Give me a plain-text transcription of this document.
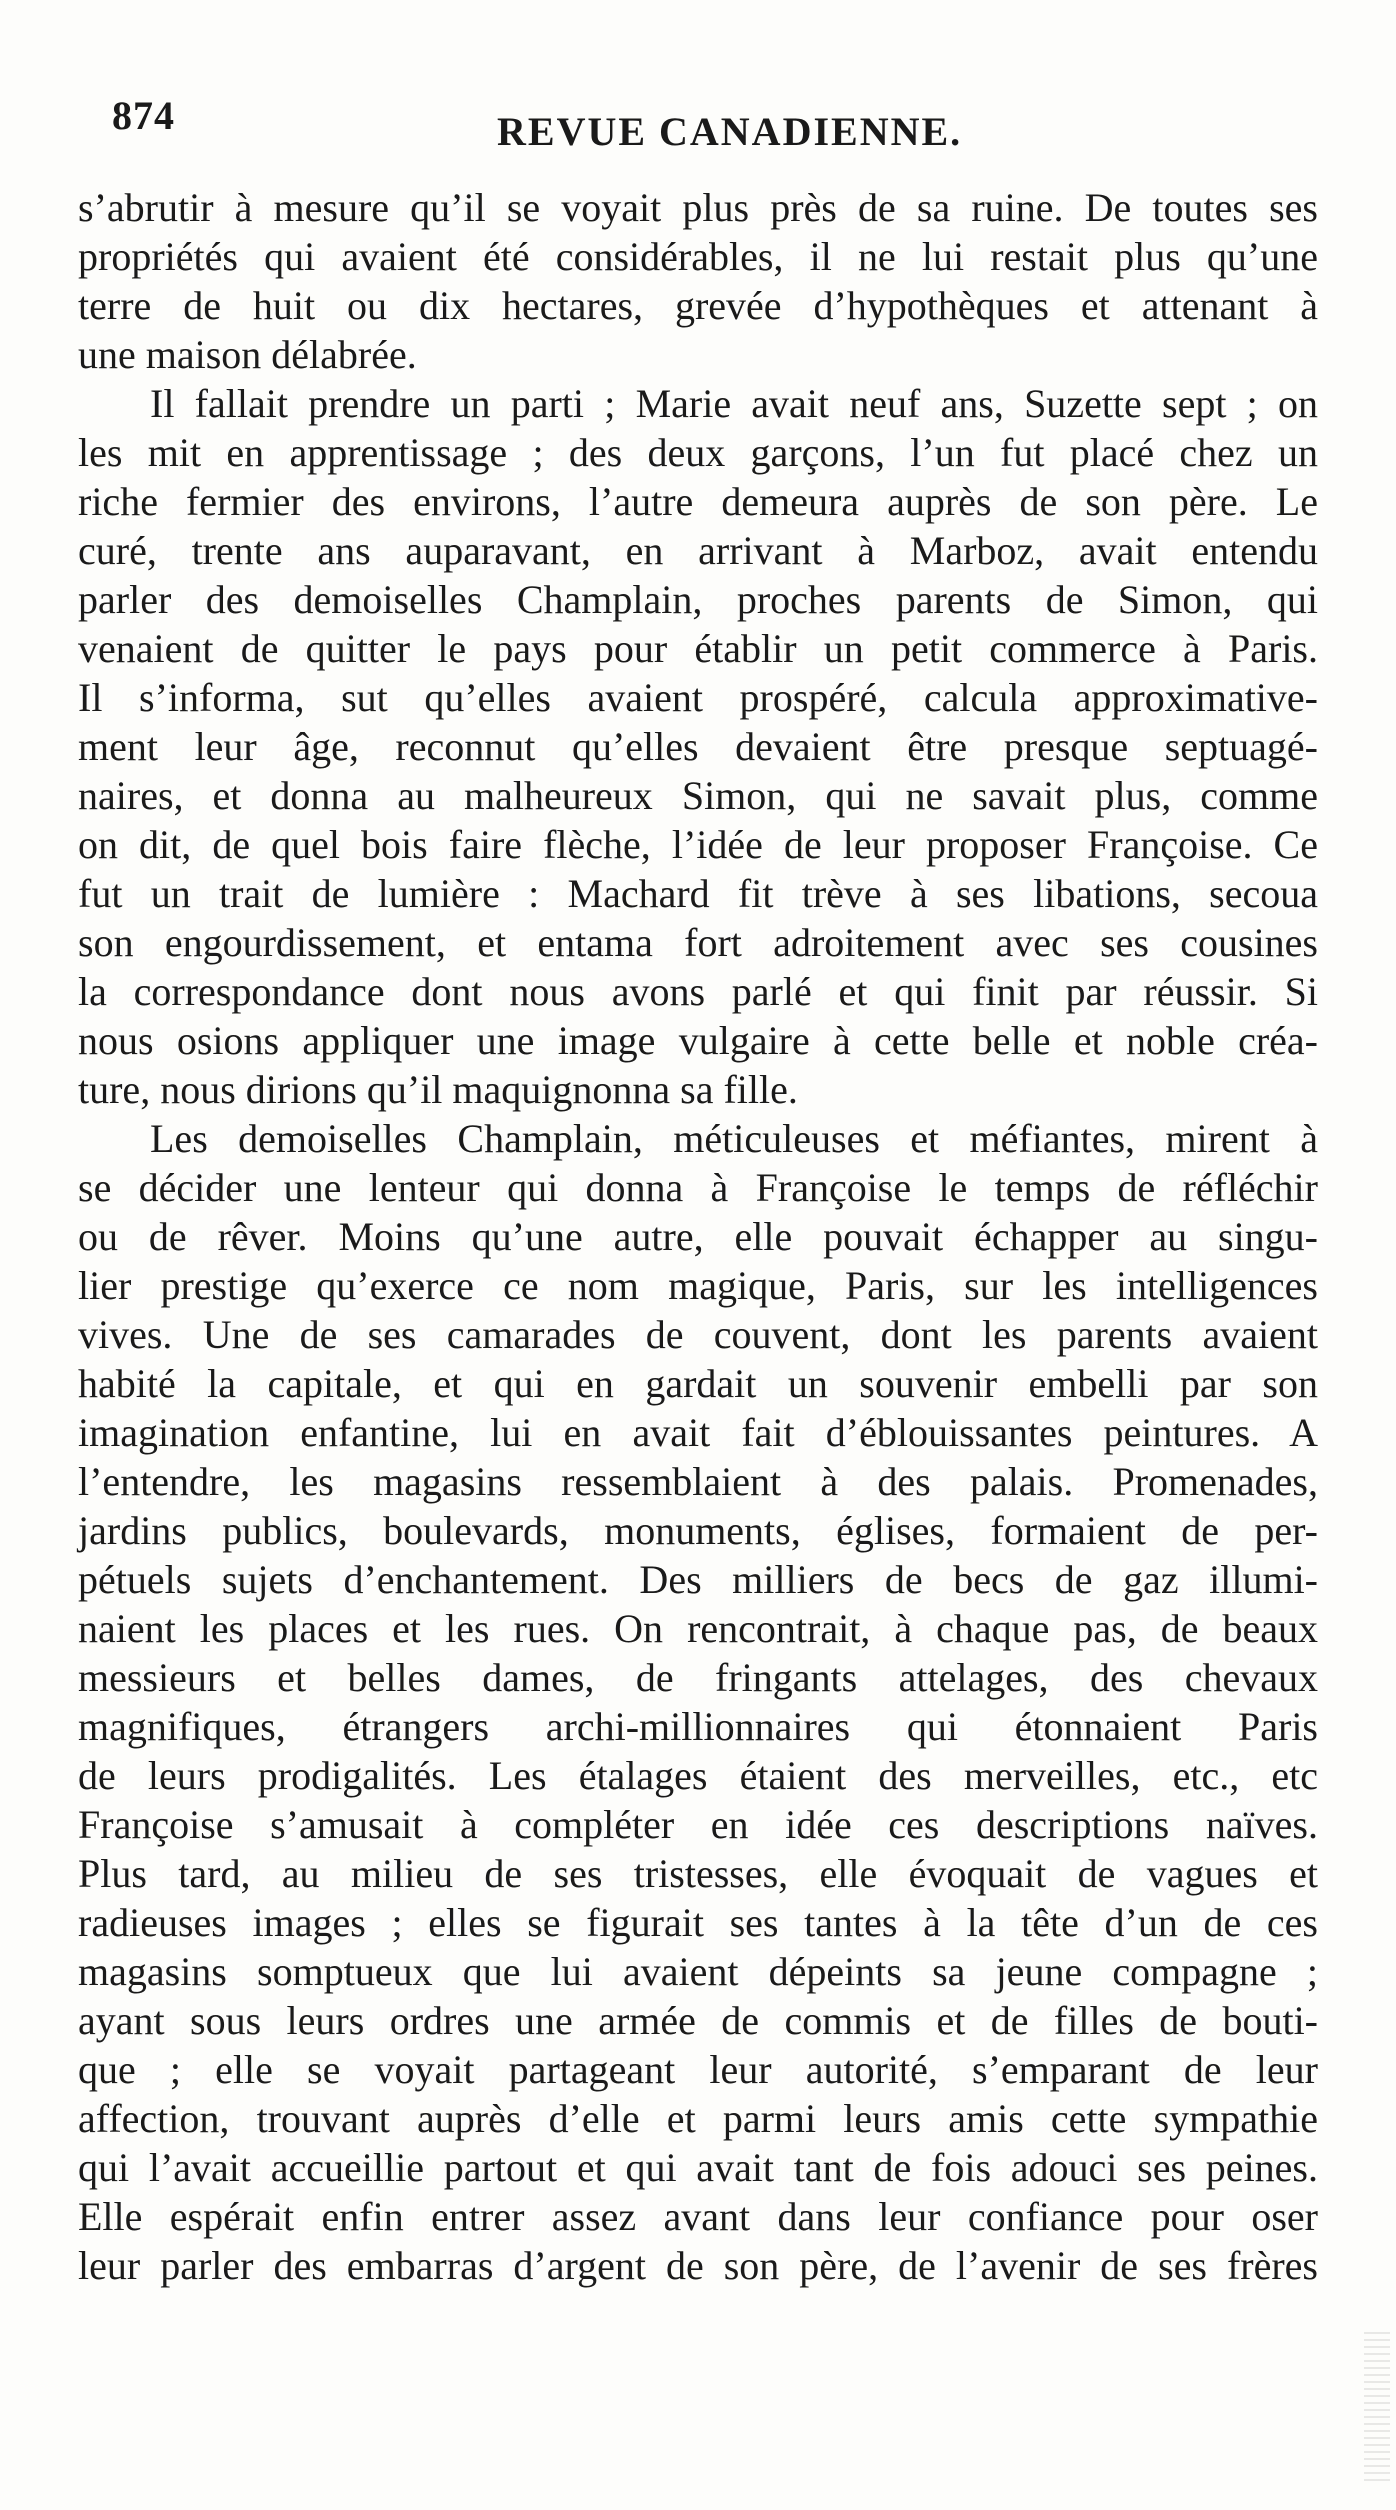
874	REVUE CANADIENNE.
s’abrutir à mesure qu’il se voyait plus près de sa ruine. De toutes ses
propriétés qui avaient été considérables, il ne lui restait plus qu’une
terre de huit ou dix hectares, grevée d’hypothèques et attenant à
une maison délabrée.
Il fallait prendre un parti ; Marie avait neuf ans, Suzette sept ; on
les mit en apprentissage ; des deux garçons, l’un fut placé chez un
riche fermier des environs, l’autre demeura auprès de son père. Le
curé, trente ans auparavant, en arrivant à Marboz, avait entendu
parler des demoiselles Champlain, proches parents de Simon, qui
venaient de quitter le pays pour établir un petit commerce à Paris.
Il s’informa, sut qu’elles avaient prospéré, calcula approximative-
ment leur âge, reconnut qu’elles devaient être presque septuagé-
naires, et donna au malheureux Simon, qui ne savait plus, comme
on dit, de quel bois faire flèche, l’idée de leur proposer Françoise. Ce
fut un trait de lumière : Machard fit trève à ses libations, secoua
son engourdissement, et entama fort adroitement avec ses cousines
la correspondance dont nous avons parlé et qui finit par réussir. Si
nous osions appliquer une image vulgaire à cette belle et noble créa-
ture, nous dirions qu’il maquignonna sa fille.
Les demoiselles Champlain, méticuleuses et méfiantes, mirent à
se décider une lenteur qui donna à Françoise le temps de réfléchir
ou de rêver. Moins qu’une autre, elle pouvait échapper au singu-
lier prestige qu’exerce ce nom magique, Paris, sur les intelligences
vives. Une de ses camarades de couvent, dont les parents avaient
habité la capitale, et qui en gardait un souvenir embelli par son
imagination enfantine, lui en avait fait d’éblouissantes peintures. A
l’entendre, les magasins ressemblaient à des palais. Promenades,
jardins publics, boulevards, monuments, églises, formaient de per-
pétuels sujets d’enchantement. Des milliers de becs de gaz illumi-
naient les places et les rues. On rencontrait, à chaque pas, de beaux
messieurs et belles dames, de fringants attelages, des chevaux
magnifiques, étrangers archi-millionnaires qui étonnaient Paris
de leurs prodigalités. Les étalages étaient des merveilles, etc., etc
Françoise s’amusait à compléter en idée ces descriptions naïves.
Plus tard, au milieu de ses tristesses, elle évoquait de vagues et
radieuses images ; elles se figurait ses tantes à la tête d’un de ces
magasins somptueux que lui avaient dépeints sa jeune compagne ;
ayant sous leurs ordres une armée de commis et de filles de bouti-
que ; elle se voyait partageant leur autorité, s’emparant de leur
affection, trouvant auprès d’elle et parmi leurs amis cette sympathie
qui l’avait accueillie partout et qui avait tant de fois adouci ses peines.
Elle espérait enfin entrer assez avant dans leur confiance pour oser
leur parler des embarras d’argent de son père, de l’avenir de ses frères
